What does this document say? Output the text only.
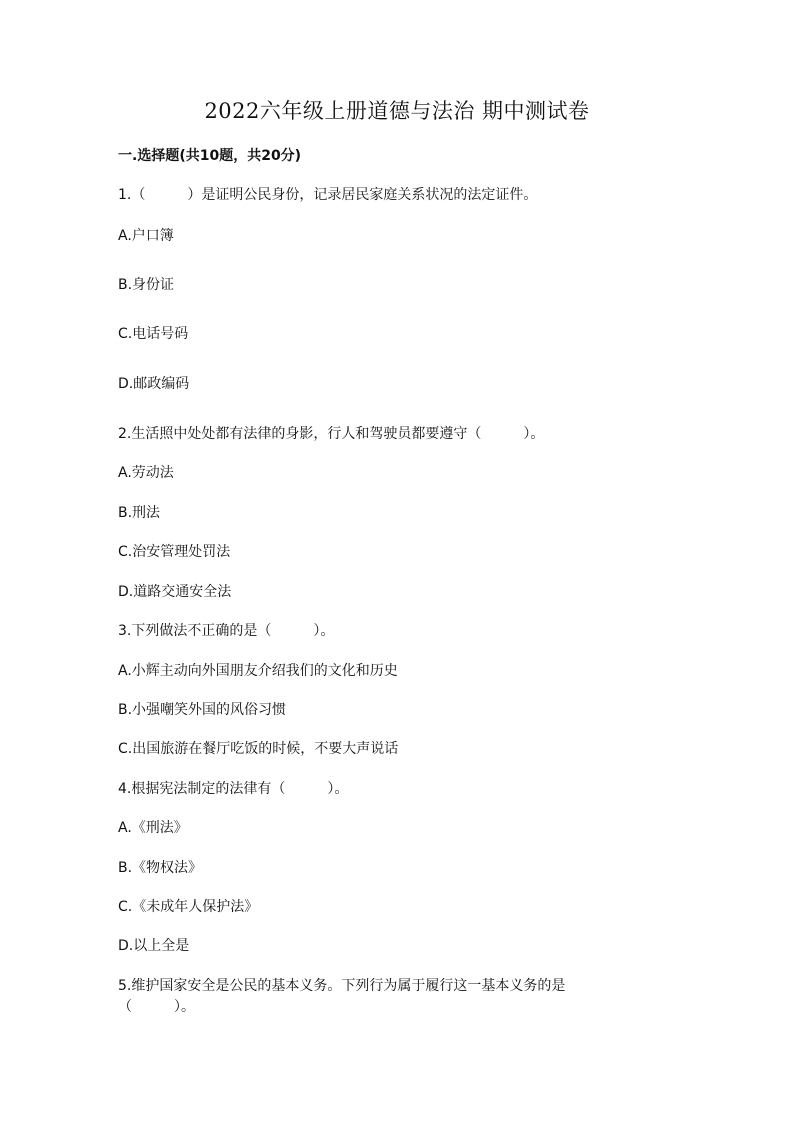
2022六年级上册道德与法治 期中测试卷
一.选择题(共10题，共20分)
1.（　　　）是证明公民身份，记录居民家庭关系状况的法定证件。
A.户口簿
B.身份证
C.电话号码
D.邮政编码
2.生活照中处处都有法律的身影，行人和驾驶员都要遵守（　　　）。
A.劳动法
B.刑法
C.治安管理处罚法
D.道路交通安全法
3.下列做法不正确的是（　　　）。
A.小辉主动向外国朋友介绍我们的文化和历史
B.小强嘲笑外国的风俗习惯
C.出国旅游在餐厅吃饭的时候，不要大声说话
4.根据宪法制定的法律有（　　　）。
A.《刑法》
B.《物权法》
C.《未成年人保护法》
D.以上全是
5.维护国家安全是公民的基本义务。下列行为属于履行这一基本义务的是
（　　　）。
